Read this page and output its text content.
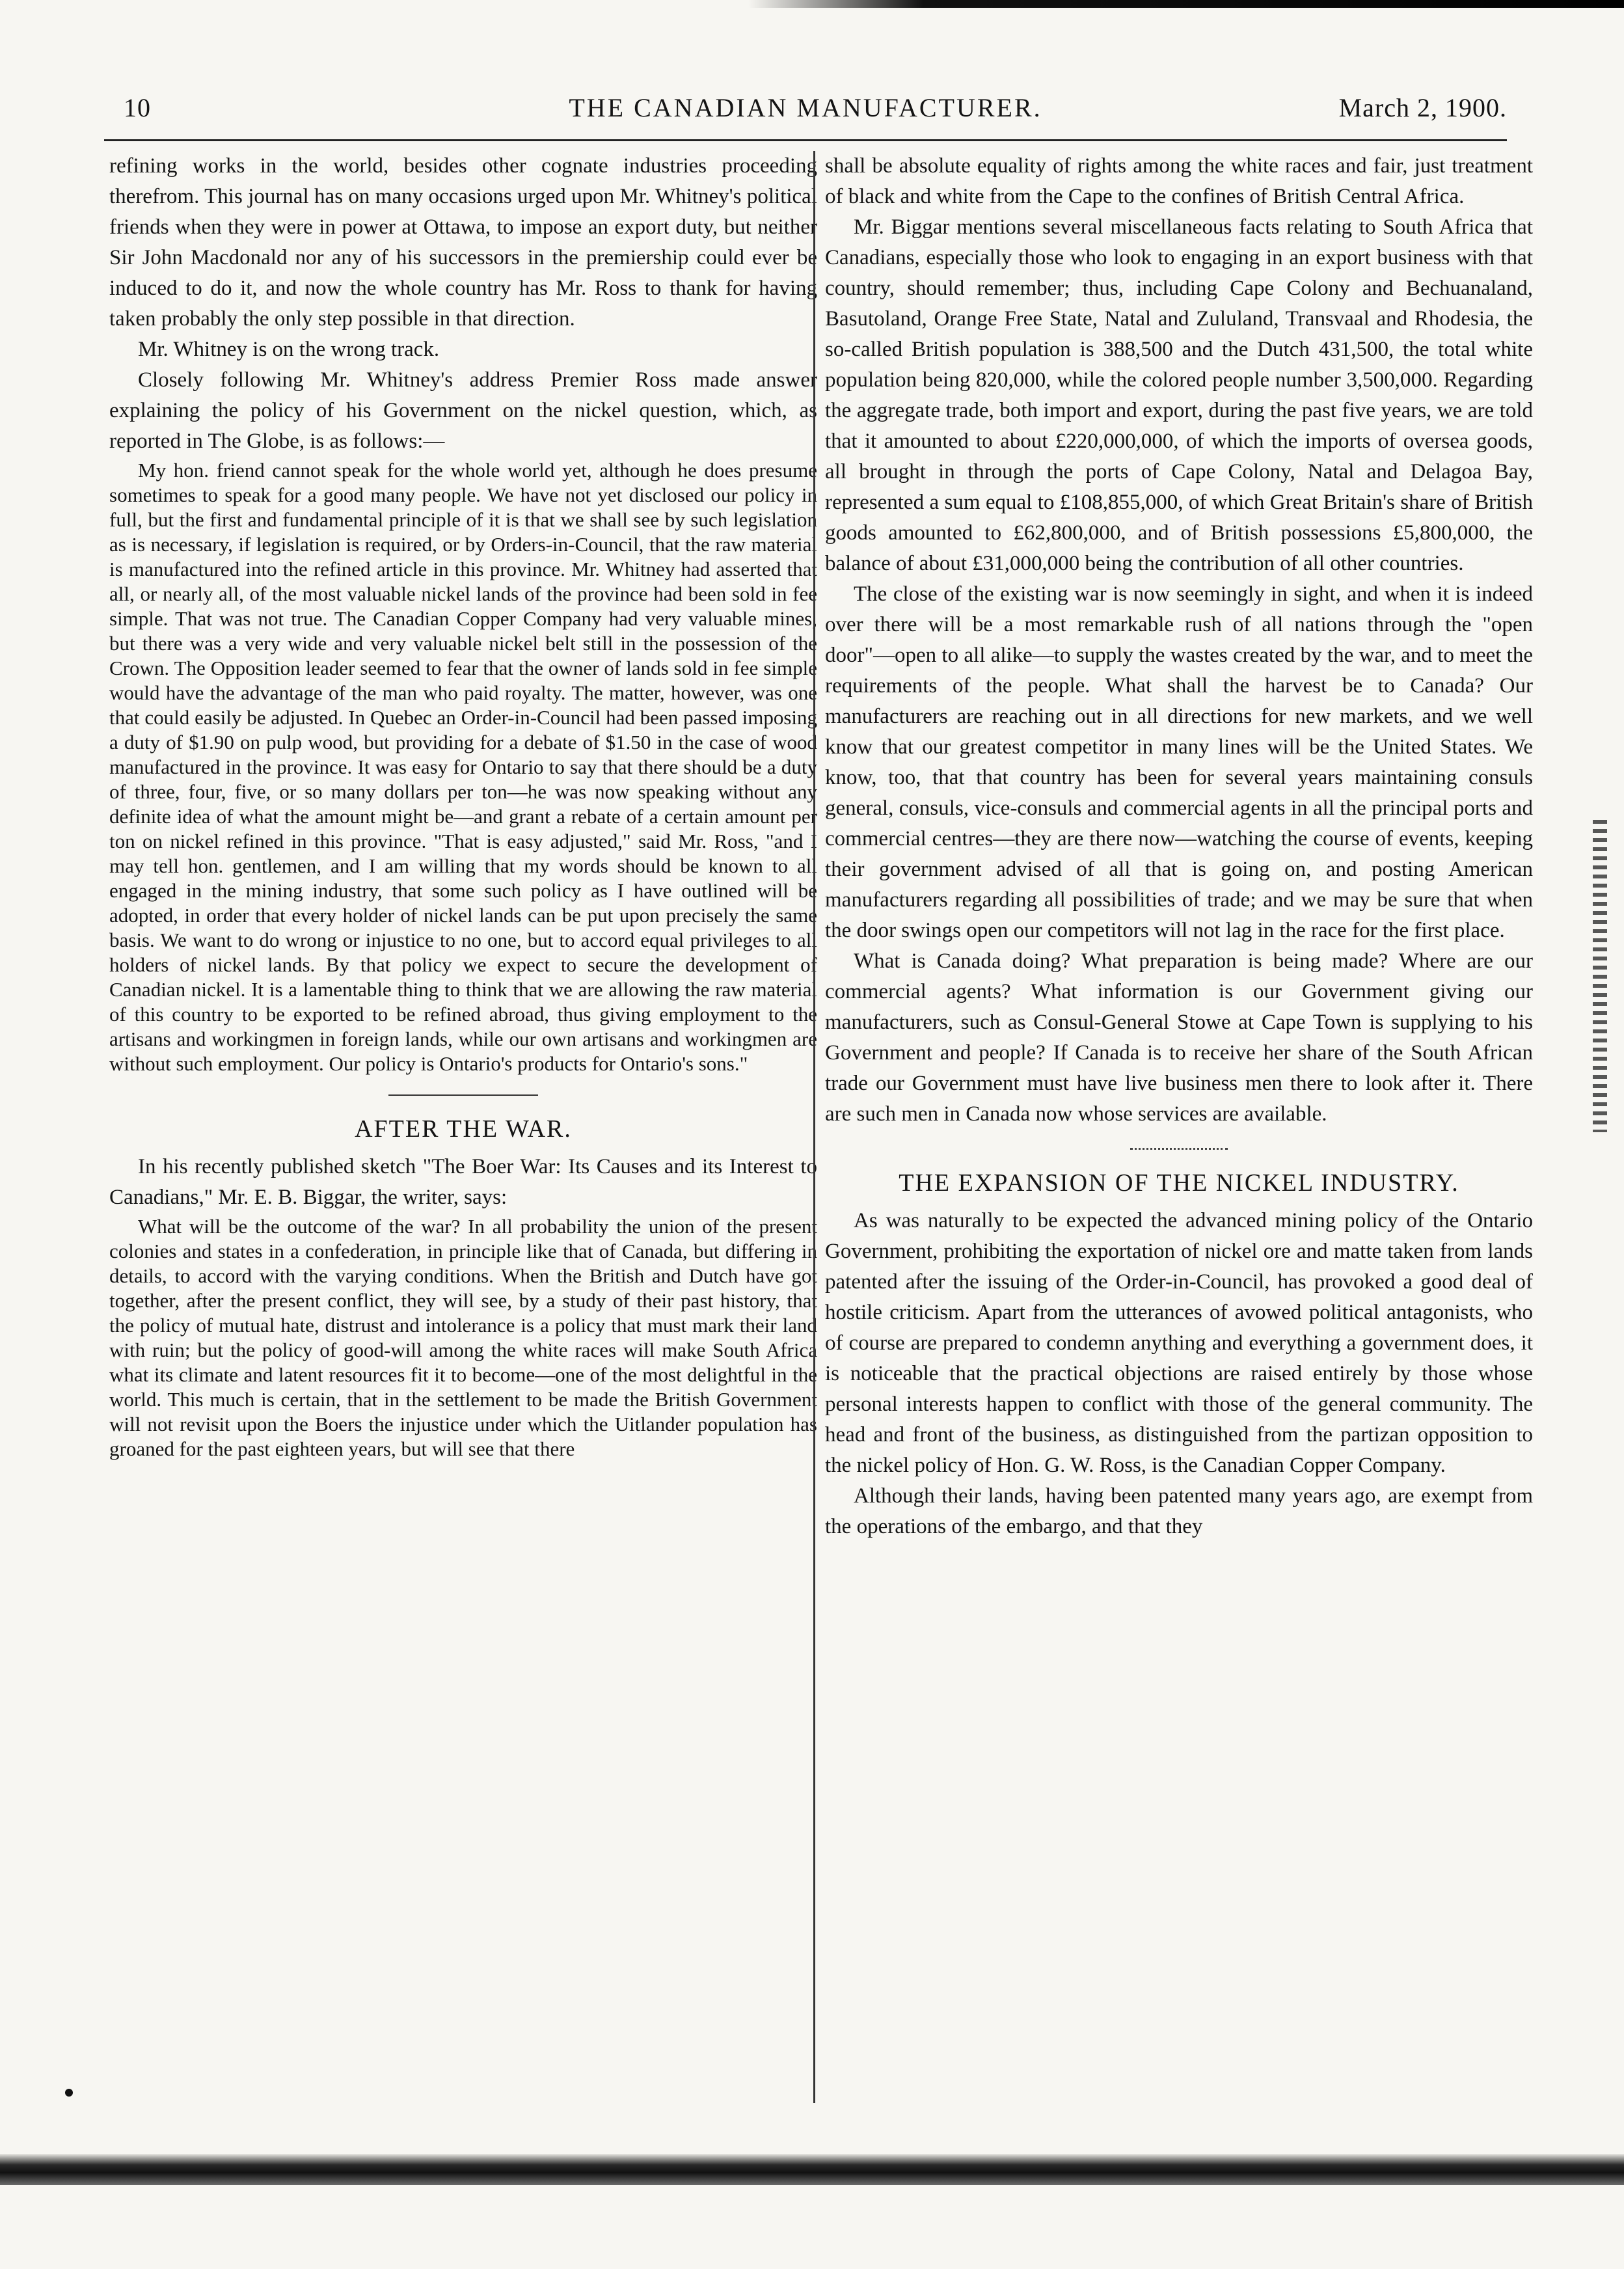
10	THE CANADIAN MANUFACTURER.	March 2, 1900.

refining works in the world, besides other cognate industries proceeding therefrom. This journal has on many occasions urged upon Mr. Whitney's political friends when they were in power at Ottawa, to impose an export duty, but neither Sir John Macdonald nor any of his successors in the premiership could ever be induced to do it, and now the whole country has Mr. Ross to thank for having taken probably the only step possible in that direction.

Mr. Whitney is on the wrong track.

Closely following Mr. Whitney's address Premier Ross made answer explaining the policy of his Government on the nickel question, which, as reported in The Globe, is as follows:—

My hon. friend cannot speak for the whole world yet, although he does presume sometimes to speak for a good many people. We have not yet disclosed our policy in full, but the first and fundamental principle of it is that we shall see by such legislation as is necessary, if legislation is required, or by Orders-in-Council, that the raw material is manufactured into the refined article in this province. Mr. Whitney had asserted that all, or nearly all, of the most valuable nickel lands of the province had been sold in fee simple. That was not true. The Canadian Copper Company had very valuable mines, but there was a very wide and very valuable nickel belt still in the possession of the Crown. The Opposition leader seemed to fear that the owner of lands sold in fee simple would have the advantage of the man who paid royalty. The matter, however, was one that could easily be adjusted. In Quebec an Order-in-Council had been passed imposing a duty of $1.90 on pulp wood, but providing for a debate of $1.50 in the case of wood manufactured in the province. It was easy for Ontario to say that there should be a duty of three, four, five, or so many dollars per ton—he was now speaking without any definite idea of what the amount might be—and grant a rebate of a certain amount per ton on nickel refined in this province. "That is easy adjusted," said Mr. Ross, "and I may tell hon. gentlemen, and I am willing that my words should be known to all engaged in the mining industry, that some such policy as I have outlined will be adopted, in order that every holder of nickel lands can be put upon precisely the same basis. We want to do wrong or injustice to no one, but to accord equal privileges to all holders of nickel lands. By that policy we expect to secure the development of Canadian nickel. It is a lamentable thing to think that we are allowing the raw material of this country to be exported to be refined abroad, thus giving employment to the artisans and workingmen in foreign lands, while our own artisans and workingmen are without such employment. Our policy is Ontario's products for Ontario's sons."

AFTER THE WAR.

In his recently published sketch "The Boer War: Its Causes and its Interest to Canadians," Mr. E. B. Biggar, the writer, says:

What will be the outcome of the war? In all probability the union of the present colonies and states in a confederation, in principle like that of Canada, but differing in details, to accord with the varying conditions. When the British and Dutch have got together, after the present conflict, they will see, by a study of their past history, that the policy of mutual hate, distrust and intolerance is a policy that must mark their land with ruin; but the policy of good-will among the white races will make South Africa what its climate and latent resources fit it to become—one of the most delightful in the world. This much is certain, that in the settlement to be made the British Government will not revisit upon the Boers the injustice under which the Uitlander population has groaned for the past eighteen years, but will see that there

shall be absolute equality of rights among the white races and fair, just treatment of black and white from the Cape to the confines of British Central Africa.

Mr. Biggar mentions several miscellaneous facts relating to South Africa that Canadians, especially those who look to engaging in an export business with that country, should remember; thus, including Cape Colony and Bechuanaland, Basutoland, Orange Free State, Natal and Zululand, Transvaal and Rhodesia, the so-called British population is 388,500 and the Dutch 431,500, the total white population being 820,000, while the colored people number 3,500,000. Regarding the aggregate trade, both import and export, during the past five years, we are told that it amounted to about £220,000,000, of which the imports of oversea goods, all brought in through the ports of Cape Colony, Natal and Delagoa Bay, represented a sum equal to £108,855,000, of which Great Britain's share of British goods amounted to £62,800,000, and of British possessions £5,800,000, the balance of about £31,000,000 being the contribution of all other countries.

The close of the existing war is now seemingly in sight, and when it is indeed over there will be a most remarkable rush of all nations through the "open door"—open to all alike—to supply the wastes created by the war, and to meet the requirements of the people. What shall the harvest be to Canada? Our manufacturers are reaching out in all directions for new markets, and we well know that our greatest competitor in many lines will be the United States. We know, too, that that country has been for several years maintaining consuls general, consuls, vice-consuls and commercial agents in all the principal ports and commercial centres—they are there now—watching the course of events, keeping their government advised of all that is going on, and posting American manufacturers regarding all possibilities of trade; and we may be sure that when the door swings open our competitors will not lag in the race for the first place.

What is Canada doing? What preparation is being made? Where are our commercial agents? What information is our Government giving our manufacturers, such as Consul-General Stowe at Cape Town is supplying to his Government and people? If Canada is to receive her share of the South African trade our Government must have live business men there to look after it. There are such men in Canada now whose services are available.

THE EXPANSION OF THE NICKEL INDUSTRY.

As was naturally to be expected the advanced mining policy of the Ontario Government, prohibiting the exportation of nickel ore and matte taken from lands patented after the issuing of the Order-in-Council, has provoked a good deal of hostile criticism. Apart from the utterances of avowed political antagonists, who of course are prepared to condemn anything and everything a government does, it is noticeable that the practical objections are raised entirely by those whose personal interests happen to conflict with those of the general community. The head and front of the business, as distinguished from the partizan opposition to the nickel policy of Hon. G. W. Ross, is the Canadian Copper Company.

Although their lands, having been patented many years ago, are exempt from the operations of the embargo, and that they
